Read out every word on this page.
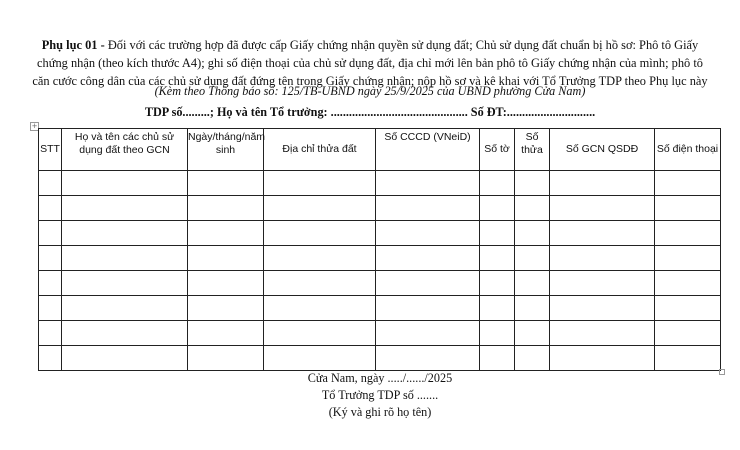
Phụ lục 01 - Đối với các trường hợp đã được cấp Giấy chứng nhận quyền sử dụng đất; Chủ sử dụng đất chuẩn bị hồ sơ: Phô tô Giấy chứng nhận (theo kích thước A4); ghi số điện thoại của chủ sử dụng đất, địa chỉ mới lên bản phô tô Giấy chứng nhận của mình; phô tô căn cước công dân của các chủ sử dụng đất đứng tên trong Giấy chứng nhận; nộp hồ sơ và kê khai với Tổ Trưởng TDP theo Phụ lục này
(Kèm theo Thông báo số: 125/TB-UBND ngày 25/9/2025 của UBND phường Cửa Nam)
TDP số.........; Họ và tên Tổ trưởng: ............................................. Số ĐT:.............................
+
STT	Họ và tên các chủ sử dụng đất theo GCN	Ngày/tháng/năm sinh	Địa chỉ thửa đất	Số CCCD (VNeiD)	Số tờ	Số thửa	Số GCN QSDĐ	Số điện thoại

Cửa Nam, ngày ...../....../2025
Tổ Trưởng TDP số .......
(Ký và ghi rõ họ tên)
